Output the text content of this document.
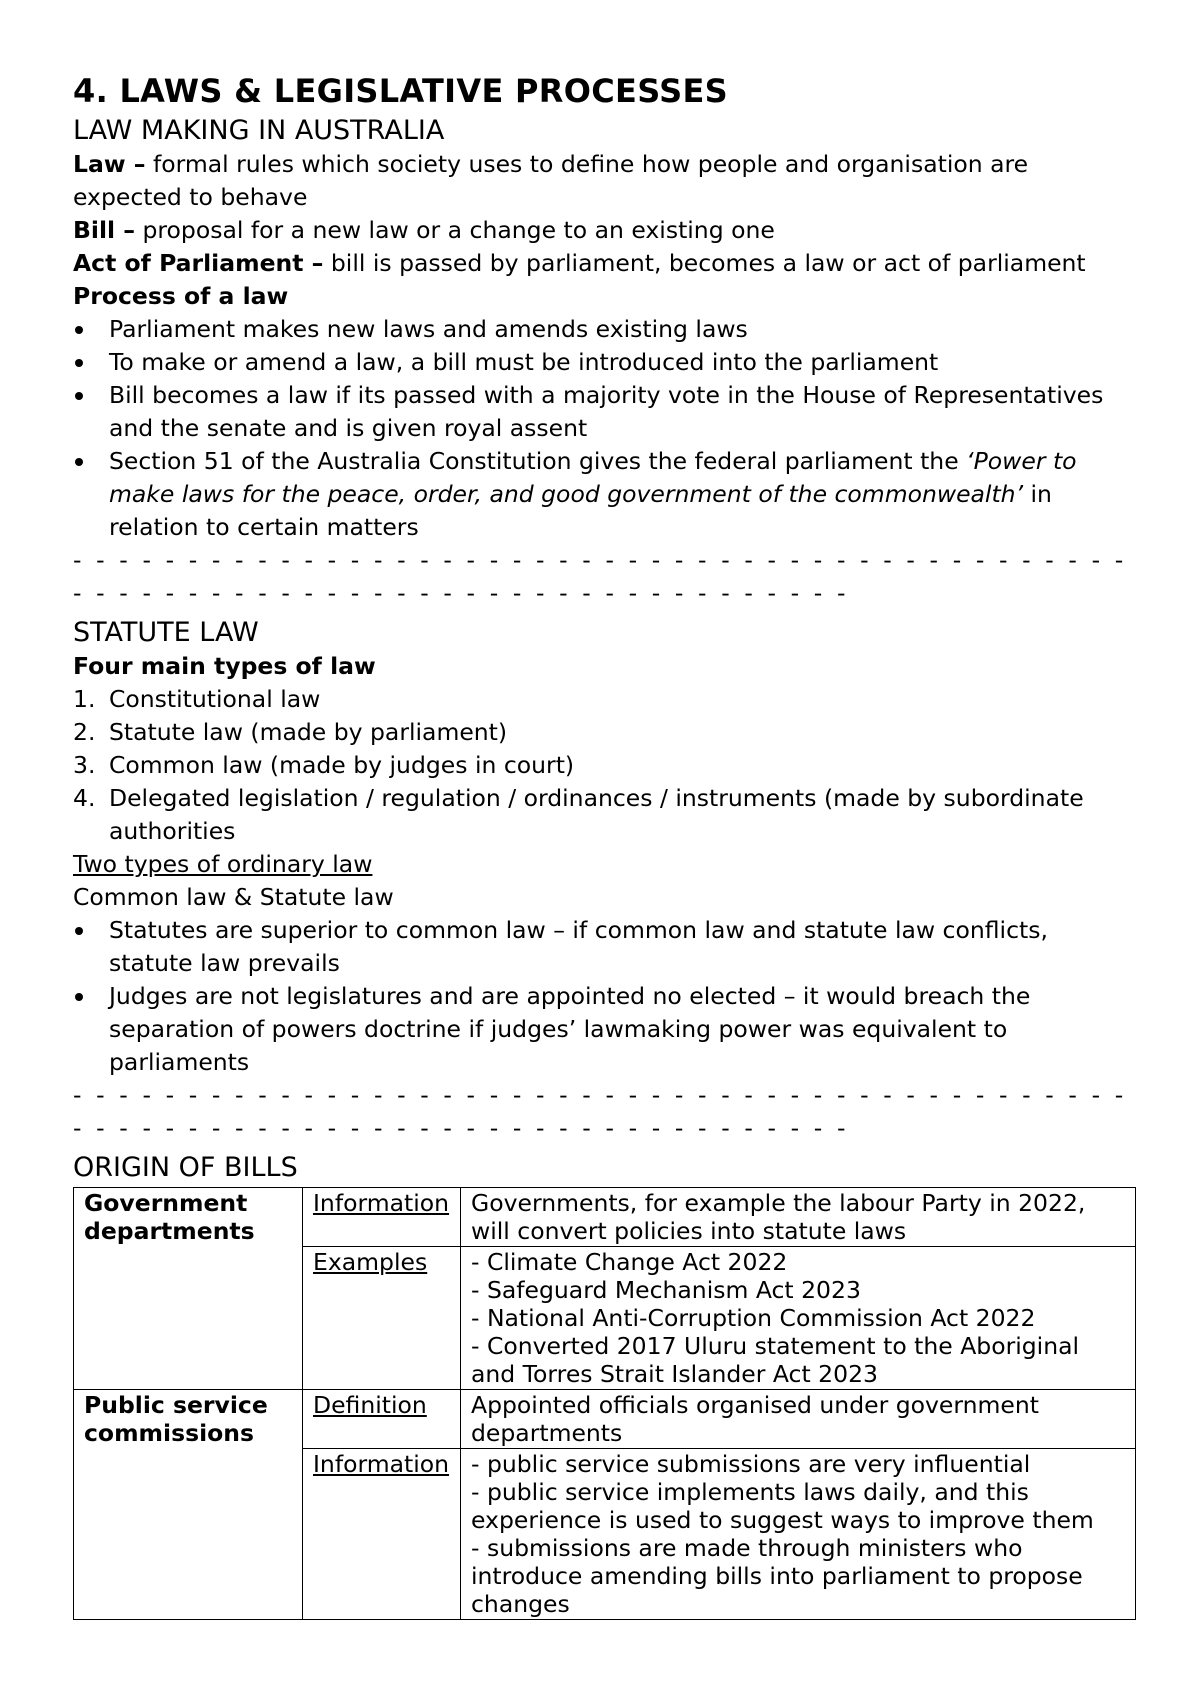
4. LAWS & LEGISLATIVE PROCESSES
LAW MAKING IN AUSTRALIA

Law – formal rules which society uses to define how people and organisation are expected to behave

Bill – proposal for a new law or a change to an existing one

Act of Parliament – bill is passed by parliament, becomes a law or act of parliament

Process of a law

Parliament makes new laws and amends existing laws
To make or amend a law, a bill must be introduced into the parliament
Bill becomes a law if its passed with a majority vote in the House of Representatives and the senate and is given royal assent
Section 51 of the Australia Constitution gives the federal parliament the ‘Power to make laws for the peace, order, and good government of the commonwealth’ in relation to certain matters
- - - - - - - - - - - - - - - - - - - - - - - - - - - - - - - - - - - - - - - - - - - - - - - - - - - - - - - - - - - - - - - - - - - - - - - - - - - - - - - -
STATUTE LAW

Four main types of law

1. Constitutional law
2. Statute law (made by parliament)
3. Common law (made by judges in court)
4. Delegated legislation / regulation / ordinances / instruments (made by subordinate authorities

Two types of ordinary law

Common law & Statute law

Statutes are superior to common law – if common law and statute law conflicts, statute law prevails
Judges are not legislatures and are appointed no elected – it would breach the separation of powers doctrine if judges’ lawmaking power was equivalent to parliaments
- - - - - - - - - - - - - - - - - - - - - - - - - - - - - - - - - - - - - - - - - - - - - - - - - - - - - - - - - - - - - - - - - - - - - - - - - - - - - - - -
ORIGIN OF BILLS
Government departments	Information	Governments, for example the labour Party in 2022, will convert policies into statute laws
	Examples	- Climate Change Act 2022
- Safeguard Mechanism Act 2023
- National Anti-Corruption Commission Act 2022
- Converted 2017 Uluru statement to the Aboriginal and Torres Strait Islander Act 2023

Public service commissions	Definition	Appointed officials organised under government departments
	Information	- public service submissions are very influential
- public service implements laws daily, and this experience is used to suggest ways to improve them
- submissions are made through ministers who introduce amending bills into parliament to propose changes
